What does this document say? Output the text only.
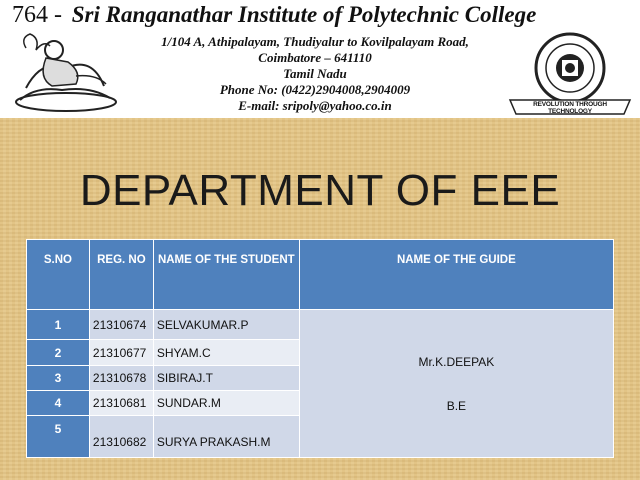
764 - Sri Ranganathar Institute of Polytechnic College
1/104 A, Athipalayam, Thudiyalur to Kovilpalayam Road,
Coimbatore – 641110
Tamil Nadu
Phone No: (0422)2904008,2904009
E-mail: sripoly@yahoo.co.in	REVOLUTION THROUGH TECHNOLOGY
DEPARTMENT OF EEE
S.NO	REG. NO	NAME OF THE STUDENT	NAME OF THE GUIDE
1	21310674	SELVAKUMAR.P	Mr.K.DEEPAK
B.E

2	21310677	SHYAM.C	
3	21310678	SIBIRAJ.T	
4	21310681	SUNDAR.M	
5	21310682	SURYA PRAKASH.M	
